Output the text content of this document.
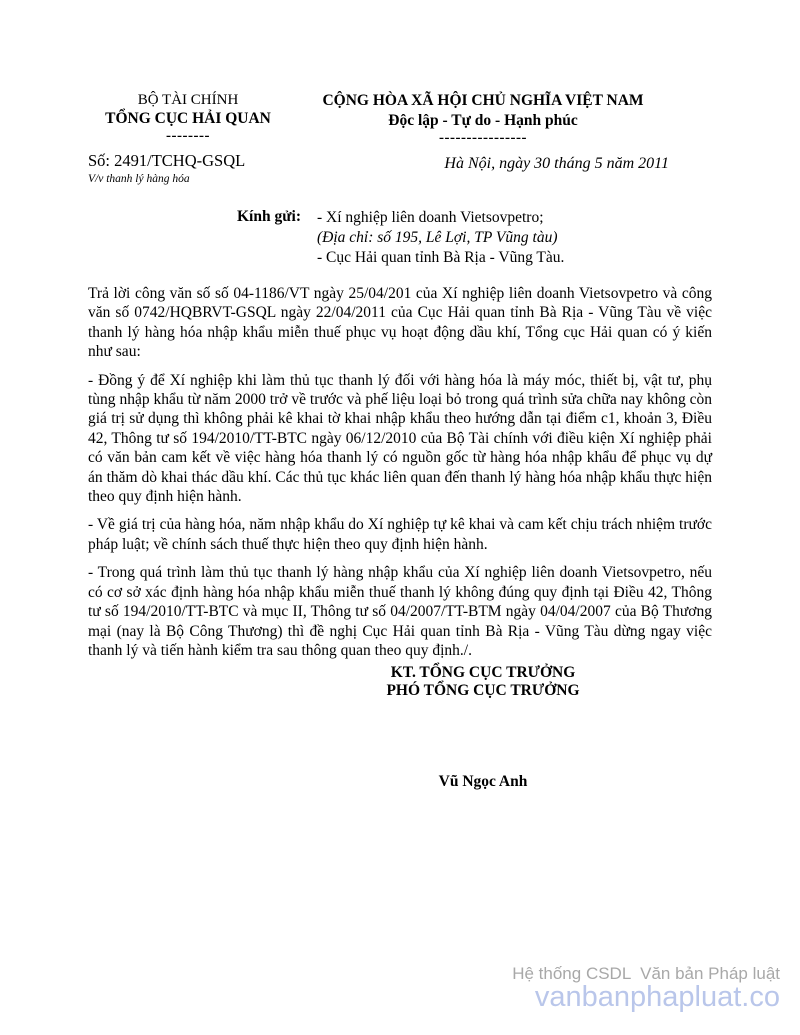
BỘ TÀI CHÍNH
TỔNG CỤC HẢI QUAN
--------
Số: 2491/TCHQ-GSQL
V/v thanh lý hàng hóa
CỘNG HÒA XÃ HỘI CHỦ NGHĨA VIỆT NAM
Độc lập - Tự do - Hạnh phúc
----------------
Hà Nội, ngày 30 tháng 5 năm 2011
Kính gửi: - Xí nghiệp liên doanh Vietsovpetro;
(Địa chỉ: số 195, Lê Lợi, TP Vũng tàu)
- Cục Hải quan tỉnh Bà Rịa - Vũng Tàu.

Trả lời công văn số số 04-1186/VT ngày 25/04/201 của Xí nghiệp liên doanh Vietsovpetro và công văn số 0742/HQBRVT-GSQL ngày 22/04/2011 của Cục Hải quan tỉnh Bà Rịa - Vũng Tàu về việc thanh lý hàng hóa nhập khẩu miễn thuế phục vụ hoạt động dầu khí, Tổng cục Hải quan có ý kiến như sau:

- Đồng ý để Xí nghiệp khi làm thủ tục thanh lý đối với hàng hóa là máy móc, thiết bị, vật tư, phụ tùng nhập khẩu từ năm 2000 trở về trước và phế liệu loại bỏ trong quá trình sửa chữa nay không còn giá trị sử dụng thì không phải kê khai tờ khai nhập khẩu theo hướng dẫn tại điểm c1, khoản 3, Điều 42, Thông tư số 194/2010/TT-BTC ngày 06/12/2010 của Bộ Tài chính với điều kiện Xí nghiệp phải có văn bản cam kết về việc hàng hóa thanh lý có nguồn gốc từ hàng hóa nhập khẩu để phục vụ dự án thăm dò khai thác dầu khí. Các thủ tục khác liên quan đến thanh lý hàng hóa nhập khẩu thực hiện theo quy định hiện hành.

- Về giá trị của hàng hóa, năm nhập khẩu do Xí nghiệp tự kê khai và cam kết chịu trách nhiệm trước pháp luật; về chính sách thuế thực hiện theo quy định hiện hành.

- Trong quá trình làm thủ tục thanh lý hàng nhập khẩu của Xí nghiệp liên doanh Vietsovpetro, nếu có cơ sở xác định hàng hóa nhập khẩu miễn thuế thanh lý không đúng quy định tại Điều 42, Thông tư số 194/2010/TT-BTC và mục II, Thông tư số 04/2007/TT-BTM ngày 04/04/2007 của Bộ Thương mại (nay là Bộ Công Thương) thì đề nghị Cục Hải quan tỉnh Bà Rịa - Vũng Tàu dừng ngay việc thanh lý và tiến hành kiểm tra sau thông quan theo quy định./.

KT. TỔNG CỤC TRƯỞNG
PHÓ TỔNG CỤC TRƯỞNG
Vũ Ngọc Anh
Hệ thống CSDL  Văn bản Pháp luật
vanbanphapluat.co
